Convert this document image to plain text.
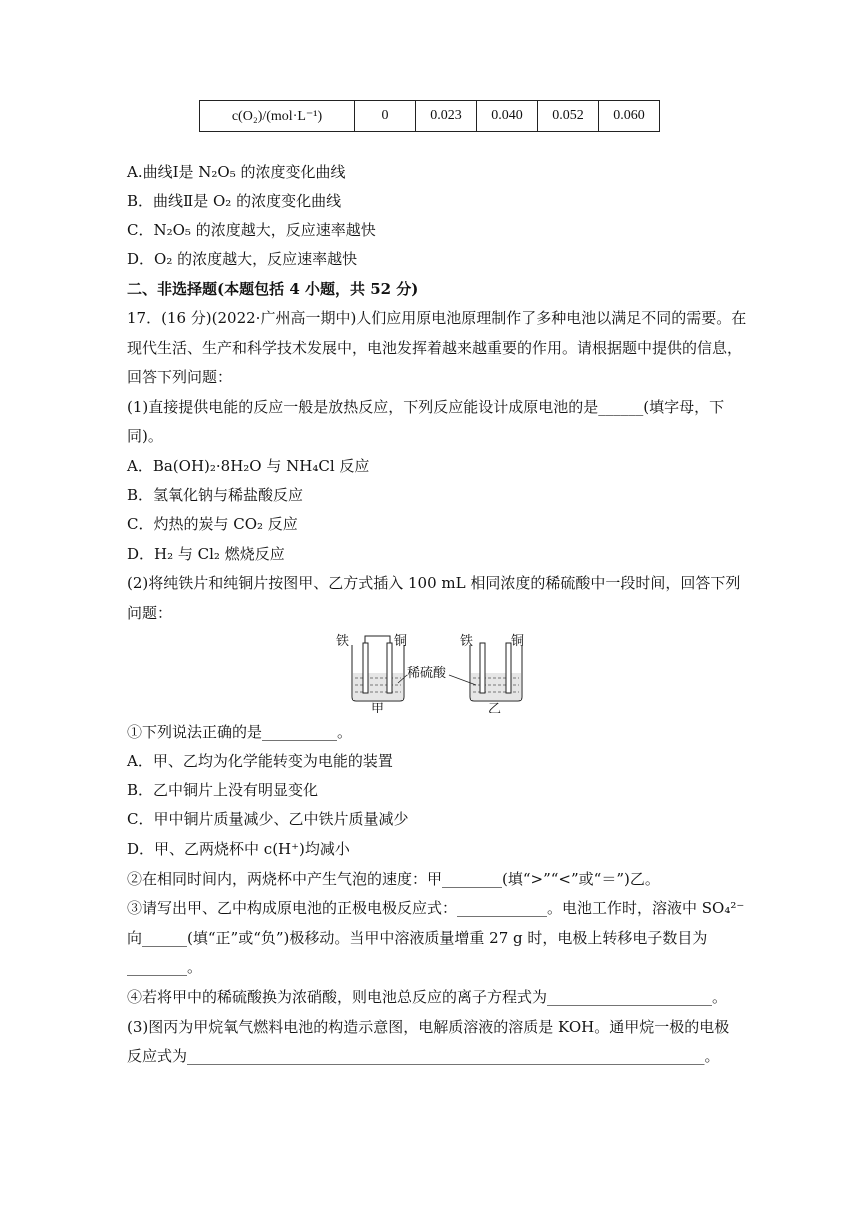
c(O₂)/(mol·L⁻¹)	0	0.023	0.040	0.052	0.060
A.曲线Ⅰ是 N₂O₅ 的浓度变化曲线
B．曲线Ⅱ是 O₂ 的浓度变化曲线
C．N₂O₅ 的浓度越大，反应速率越快
D．O₂ 的浓度越大，反应速率越快
二、非选择题(本题包括 4 小题，共 52 分)
17．(16 分)(2022·广州高一期中)人们应用原电池原理制作了多种电池以满足不同的需要。在
现代生活、生产和科学技术发展中，电池发挥着越来越重要的作用。请根据题中提供的信息，
回答下列问题：
(1)直接提供电能的反应一般是放热反应，下列反应能设计成原电池的是______(填字母，下
同)。
A．Ba(OH)₂·8H₂O 与 NH₄Cl 反应
B．氢氧化钠与稀盐酸反应
C．灼热的炭与 CO₂ 反应
D．H₂ 与 Cl₂ 燃烧反应
(2)将纯铁片和纯铜片按图甲、乙方式插入 100 mL 相同浓度的稀硫酸中一段时间，回答下列
问题：
铁	铜
甲
铁	铜
乙
稀硫酸
①下列说法正确的是__________。
A．甲、乙均为化学能转变为电能的装置
B．乙中铜片上没有明显变化
C．甲中铜片质量减少、乙中铁片质量减少
D．甲、乙两烧杯中 c(H⁺)均减小
②在相同时间内，两烧杯中产生气泡的速度：甲________(填“>”“<”或“＝”)乙。
③请写出甲、乙中构成原电池的正极电极反应式：____________。电池工作时，溶液中 SO₄²⁻
向______(填“正”或“负”)极移动。当甲中溶液质量增重 27 g 时，电极上转移电子数目为
________。
④若将甲中的稀硫酸换为浓硝酸，则电池总反应的离子方程式为______________________。
(3)图丙为甲烷氧气燃料电池的构造示意图，电解质溶液的溶质是 KOH。通甲烷一极的电极
反应式为_____________________________________________________________________。
